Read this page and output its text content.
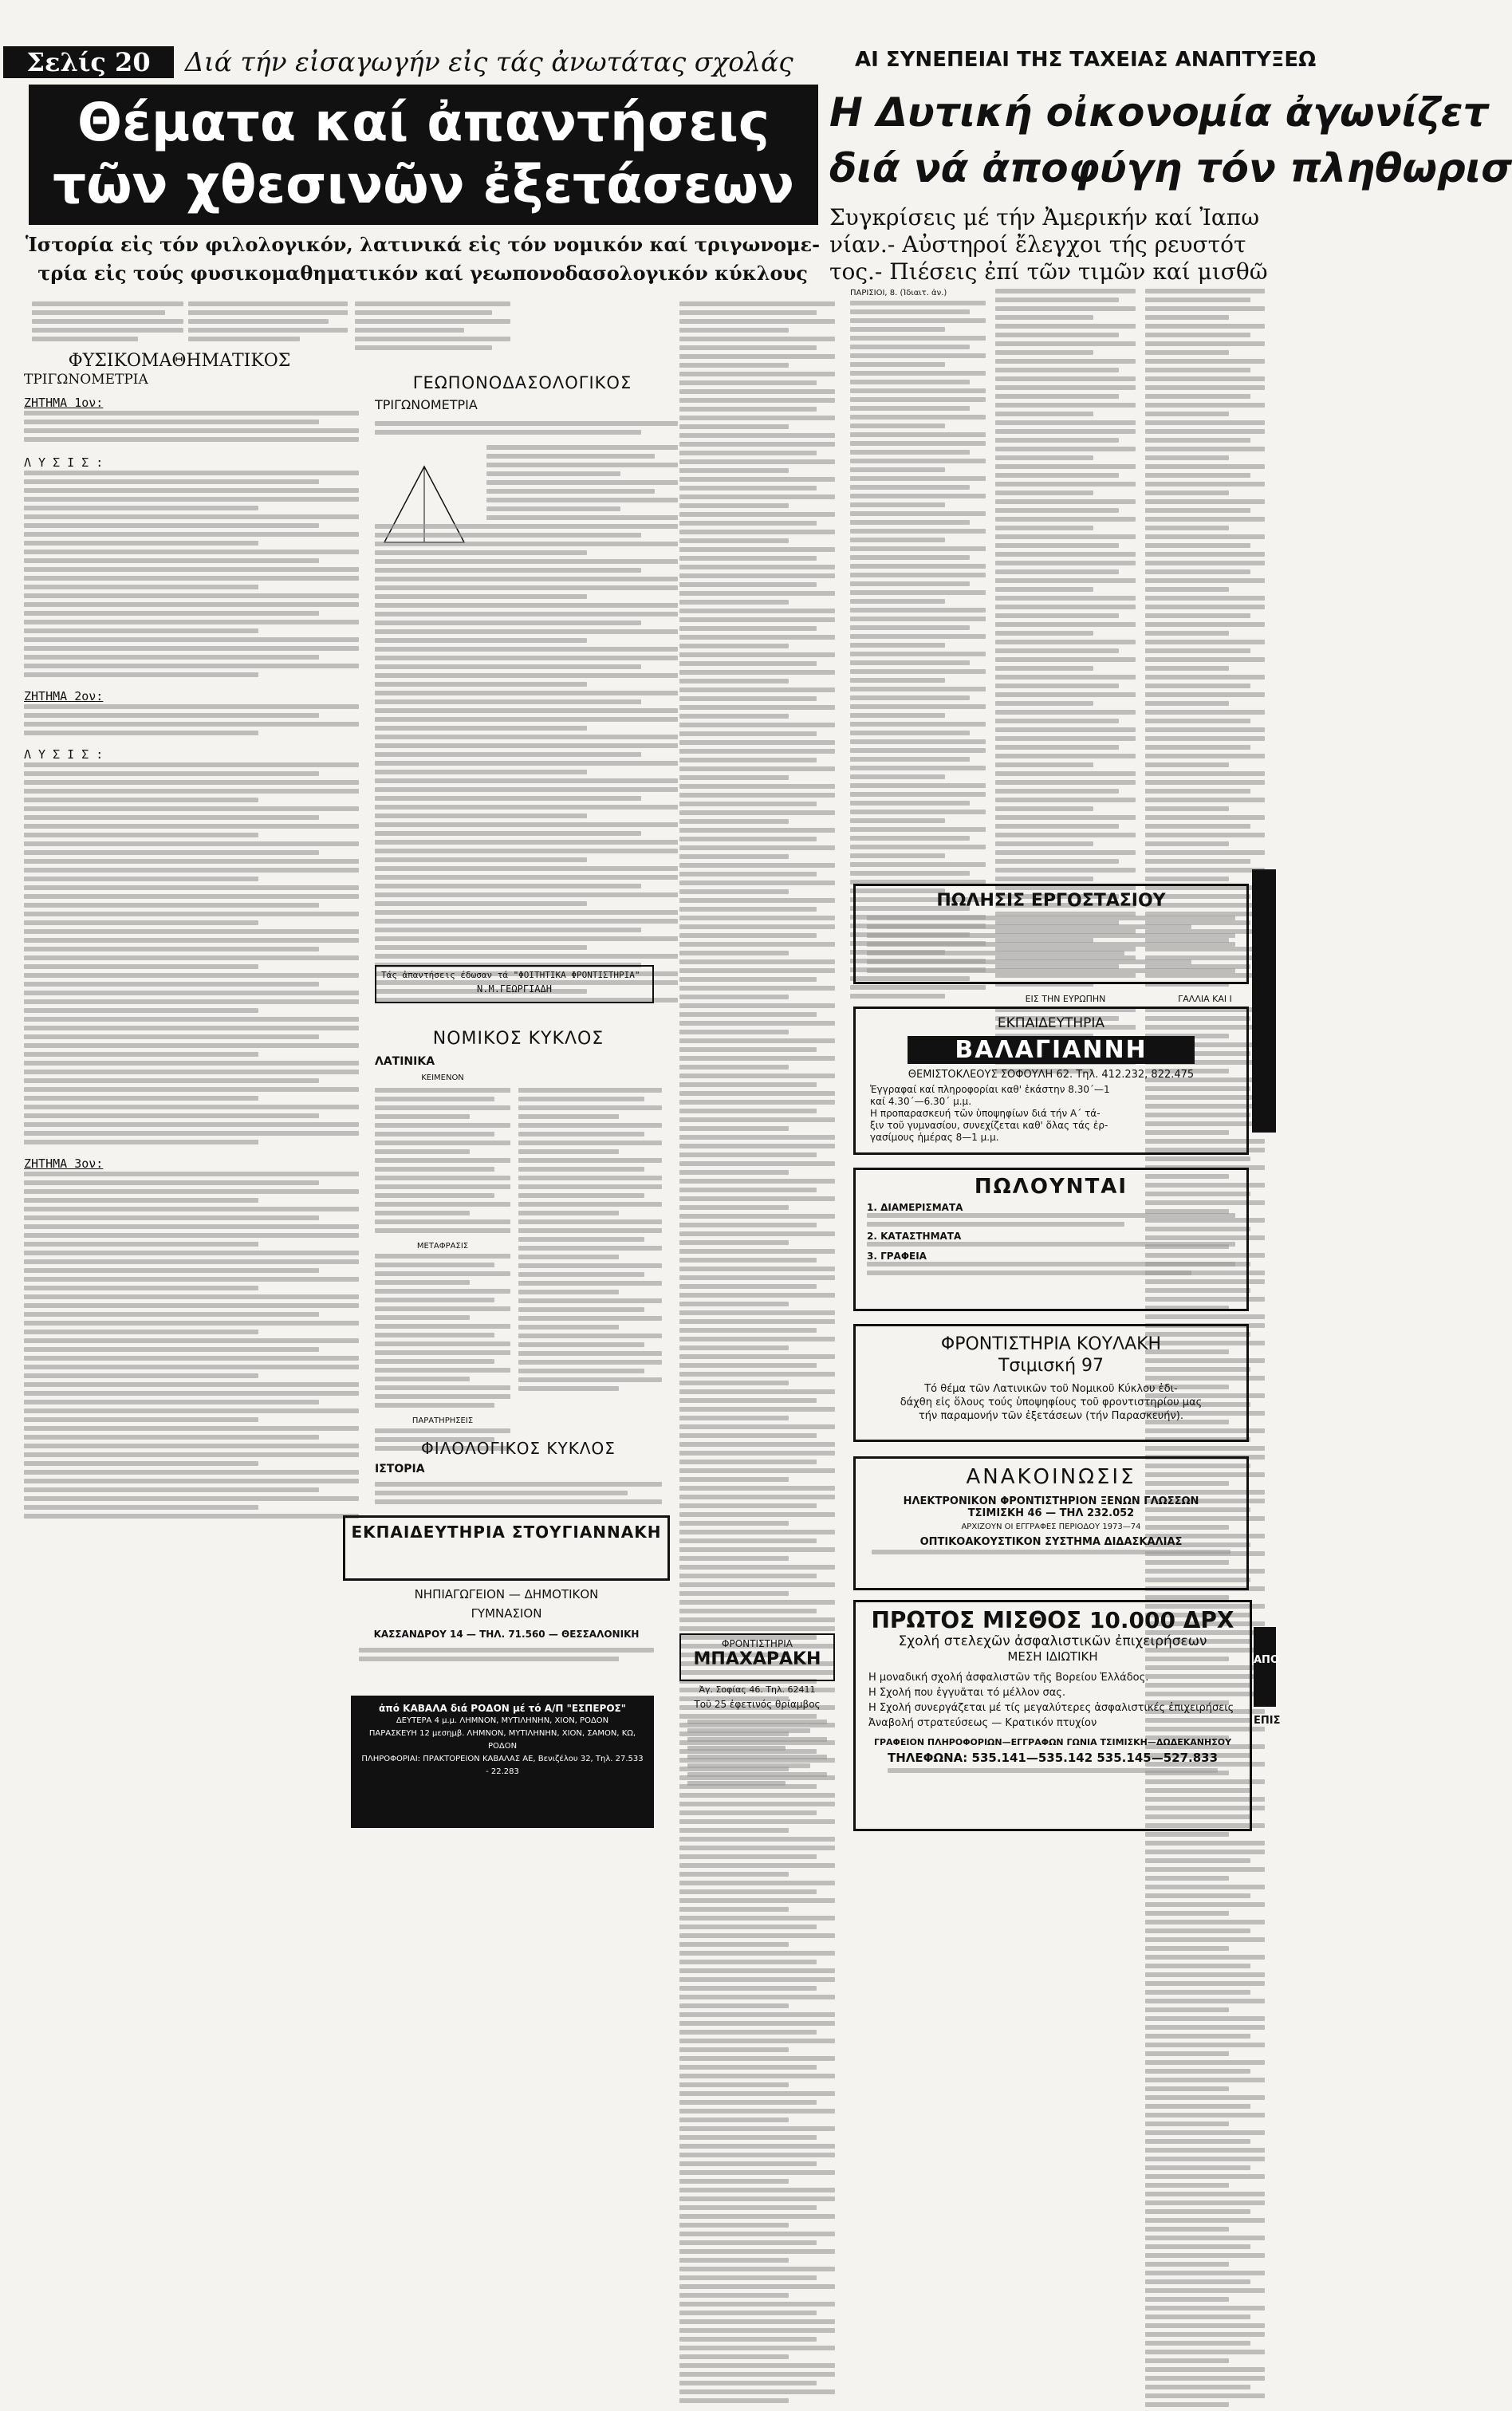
Σελίς 20	Διά τήν εἰσαγωγήν εἰς τάς ἀνωτάτας σχολάς
Θέματα καί ἀπαντήσεις
τῶν χθεσινῶν ἐξετάσεων
Ἱστορία εἰς τόν φιλολογικόν, λατινικά εἰς τόν νομικόν καί τριγωνομε-
τρία εἰς τούς φυσικομαθηματικόν καί γεωπονοδασολογικόν κύκλους
ΦΥΣΙΚΟΜΑΘΗΜΑΤΙΚΟΣ
ΤΡΙΓΩΝΟΜΕΤΡΙΑ
ΖΗΤΗΜΑ 1ον:
Λ Υ Σ Ι Σ :
ΖΗΤΗΜΑ 2ον:
Λ Υ Σ Ι Σ :
ΖΗΤΗΜΑ 3ον:
ΓΕΩΠΟΝΟΔΑΣΟΛΟΓΙΚΟΣ
ΤΡΙΓΩΝΟΜΕΤΡΙΑ
Τάς ἀπαντήσεις έδωσαν τά "ΦΟΙΤΗΤΙΚΑ ΦΡΟΝΤΙΣΤΗΡΙΑ"
Ν.Μ.ΓΕΩΡΓΙΑΔΗ
ΝΟΜΙΚΟΣ ΚΥΚΛΟΣ
ΛΑΤΙΝΙΚΑ
ΚΕΙΜΕΝΟΝ
ΜΕΤΑΦΡΑΣΙΣ
ΠΑΡΑΤΗΡΗΣΕΙΣ
ΦΙΛΟΛΟΓΙΚΟΣ ΚΥΚΛΟΣ
ΙΣΤΟΡΙΑ
ΕΚΠΑΙΔΕΥΤΗΡΙΑ ΣΤΟΥΓΙΑΝΝΑΚΗ
ΝΗΠΙΑΓΩΓΕΙΟΝ — ΔΗΜΟΤΙΚΟΝ
ΓΥΜΝΑΣΙΟΝ
ΚΑΣΣΑΝΔΡΟΥ 14 — ΤΗΛ. 71.560 — ΘΕΣΣΑΛΟΝΙΚΗ
ἀπό ΚΑΒΑΛΑ διά ΡΟΔΟΝ μέ τό Α/Π "ΕΣΠΕΡΟΣ"
ΔΕΥΤΕΡΑ 4 μ.μ. ΛΗΜΝΟΝ, ΜΥΤΙΛΗΝΗΝ, ΧΙΟΝ, ΡΟΔΟΝ
ΠΑΡΑΣΚΕΥΗ 12 μεσημβ. ΛΗΜΝΟΝ, ΜΥΤΙΛΗΝΗΝ, ΧΙΟΝ, ΣΑΜΟΝ, ΚΩ, ΡΟΔΟΝ
ΠΛΗΡΟΦΟΡΙΑΙ: ΠΡΑΚΤΟΡΕΙΟΝ ΚΑΒΑΛΑΣ ΑΕ, Βενιζέλου 32, Τηλ. 27.533 - 22.283
ΦΡΟΝΤΙΣΤΗΡΙΑ
ΜΠΑΧΑΡΑΚΗ
Ἀγ. Σοφίας 46. Τηλ. 62411
Τοῦ 25 ἐφετινός θρίαμβος
ΑΙ ΣΥΝΕΠΕΙΑΙ ΤΗΣ ΤΑΧΕΙΑΣ ΑΝΑΠΤΥΞΕΩ
Η Δυτική οἰκονομία ἀγωνίζετ
διά νά ἀποφύγη τόν πληθωρισ
Συγκρίσεις μέ τήν Ἀμερικήν καί Ἰαπω
νίαν.- Αὐστηροί ἔλεγχοι τής ρευστότ
τος.- Πιέσεις ἐπί τῶν τιμῶν καί μισθῶ
ΠΑΡΙΣΙΟΙ, 8. (Ἰδιαιτ. ἀν.)
ΕΙΣ ΤΗΝ ΕΥΡΩΠΗΝ	ΓΑΛΛΙΑ ΚΑΙ Ι
ΑΠΟ
ΕΠΙΣ
ΠΩΛΗΣΙΣ ΕΡΓΟΣΤΑΣΙΟΥ
ΕΚΠΑΙΔΕΥΤΗΡΙΑ
ΒΑΛΑΓΙΑΝΝΗ
ΘΕΜΙΣΤΟΚΛΕΟΥΣ ΣΟΦΟΥΛΗ 62. Τηλ. 412.232, 822.475
Ἐγγραφαί καί πληροφορίαι καθ' ἑκάστην 8.30΄—1
καί 4.30΄—6.30΄ μ.μ.
Η προπαρασκευή τῶν ὑποψηφίων διά τήν Α΄ τά-
ξιν τοῦ γυμνασίου, συνεχίζεται καθ' ὅλας τάς ἐρ-
γασίμους ἡμέρας 8—1 μ.μ.
ΠΩΛΟΥΝΤΑΙ
1. ΔΙΑΜΕΡΙΣΜΑΤΑ
2. ΚΑΤΑΣΤΗΜΑΤΑ
3. ΓΡΑΦΕΙΑ
ΦΡΟΝΤΙΣΤΗΡΙΑ ΚΟΥΛΑΚΗ
Τσιμισκή 97
Τό θέμα τῶν Λατινικῶν τοῦ Νομικοῦ Κύκλου ἐδι-
δάχθη εἰς ὅλους τούς ὑποψηφίους τοῦ φροντιστηρίου μας
τήν παραμονήν τῶν ἐξετάσεων (τήν Παρασκευήν).
ΑΝΑΚΟΙΝΩΣΙΣ
ΗΛΕΚΤΡΟΝΙΚΟΝ ΦΡΟΝΤΙΣΤΗΡΙΟΝ ΞΕΝΩΝ ΓΛΩΣΣΩΝ
ΤΣΙΜΙΣΚΗ 46 — ΤΗΛ 232.052
ΑΡΧΙΖΟΥΝ ΟΙ ΕΓΓΡΑΦΕΣ ΠΕΡΙΟΔΟΥ 1973—74
ΟΠΤΙΚΟΑΚΟΥΣΤΙΚΟΝ ΣΥΣΤΗΜΑ ΔΙΔΑΣΚΑΛΙΑΣ
ΠΡΩΤΟΣ ΜΙΣΘΟΣ 10.000 ΔΡΧ
Σχολή στελεχῶν ἀσφαλιστικῶν ἐπιχειρήσεων
ΜΕΣΗ ΙΔΙΩΤΙΚΗ
Η μοναδική σχολή ἀσφαλιστῶν τῆς Βορείου Ἑλλάδος.
Η Σχολή που ἐγγυᾶται τό μέλλον σας.
Η Σχολή συνεργάζεται μέ τίς μεγαλύτερες ἀσφαλιστικές ἐπιχειρήσεις
Ἀναβολή στρατεύσεως — Κρατικόν πτυχίον
ΓΡΑΦΕΙΟΝ ΠΛΗΡΟΦΟΡΙΩΝ—ΕΓΓΡΑΦΩΝ ΓΩΝΙΑ ΤΣΙΜΙΣΚΗ—ΔΩΔΕΚΑΝΗΣΟΥ
ΤΗΛΕΦΩΝΑ: 535.141—535.142 535.145—527.833
